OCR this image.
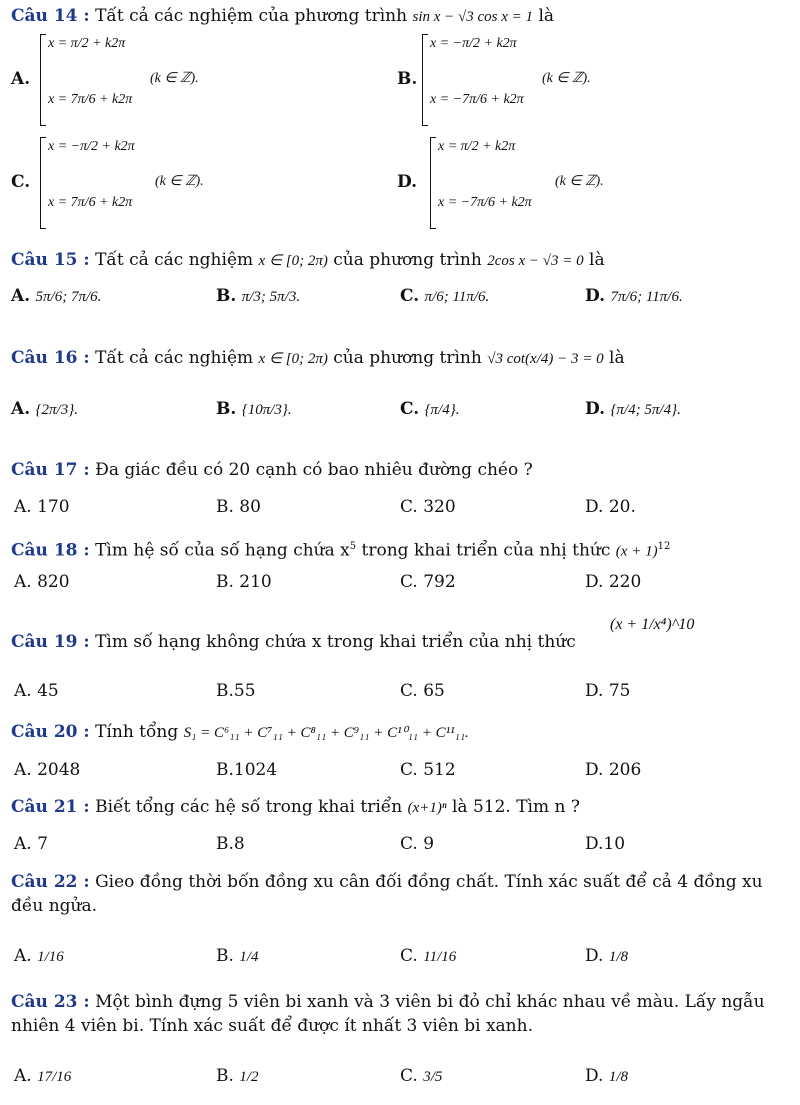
Câu 14 : Tất cả các nghiệm của phương trình sin x − √3 cos x = 1 là
A.
x = π/2 + k2π
x = 7π/6 + k2π
(k ∈ ℤ).	B.
x = −π/2 + k2π
x = −7π/6 + k2π
(k ∈ ℤ).
C.
x = −π/2 + k2π
x = 7π/6 + k2π
(k ∈ ℤ).	D.
x = π/2 + k2π
x = −7π/6 + k2π
(k ∈ ℤ).
Câu 15 : Tất cả các nghiệm x ∈ [0; 2π) của phương trình 2cos x − √3 = 0 là
A. 5π/6; 7π/6.	B. π/3; 5π/3.	C. π/6; 11π/6.	D. 7π/6; 11π/6.
Câu 16 : Tất cả các nghiệm x ∈ [0; 2π) của phương trình √3 cot(x/4) − 3 = 0 là
A. {2π/3}.	B. {10π/3}.	C. {π/4}.	D. {π/4; 5π/4}.
Câu 17 : Đa giác đều có 20 cạnh có bao nhiêu đường chéo ?
A. 170	B. 80	C. 320	D. 20.
Câu 18 : Tìm hệ số của số hạng chứa $x^5$ trong khai triển của nhị thức $(x + 1)^{12}$
A. 820	B. 210	C. 792	D. 220
Câu 19 : Tìm số hạng không chứa x trong khai triển của nhị thức
(x + 1/x⁴)^10
A. 45	B.55	C. 65	D. 75
Câu 20 : Tính tổng S₁ = C⁶₁₁ + C⁷₁₁ + C⁸₁₁ + C⁹₁₁ + C¹⁰₁₁ + C¹¹₁₁.
A. 2048	B.1024	C. 512	D. 206
Câu 21 : Biết tổng các hệ số trong khai triển (x+1)ⁿ là 512. Tìm n ?
A. 7	B.8	C. 9	D.10
Câu 22 : Gieo đồng thời bốn đồng xu cân đối đồng chất. Tính xác suất để cả 4 đồng xu đều ngửa.
A. 1/16	B. 1/4	C. 11/16	D. 1/8
Câu 23 : Một bình đựng 5 viên bi xanh và 3 viên bi đỏ chỉ khác nhau về màu. Lấy ngẫu nhiên 4 viên bi. Tính xác suất để được ít nhất 3 viên bi xanh.
A. 17/16	B. 1/2	C. 3/5	D. 1/8
